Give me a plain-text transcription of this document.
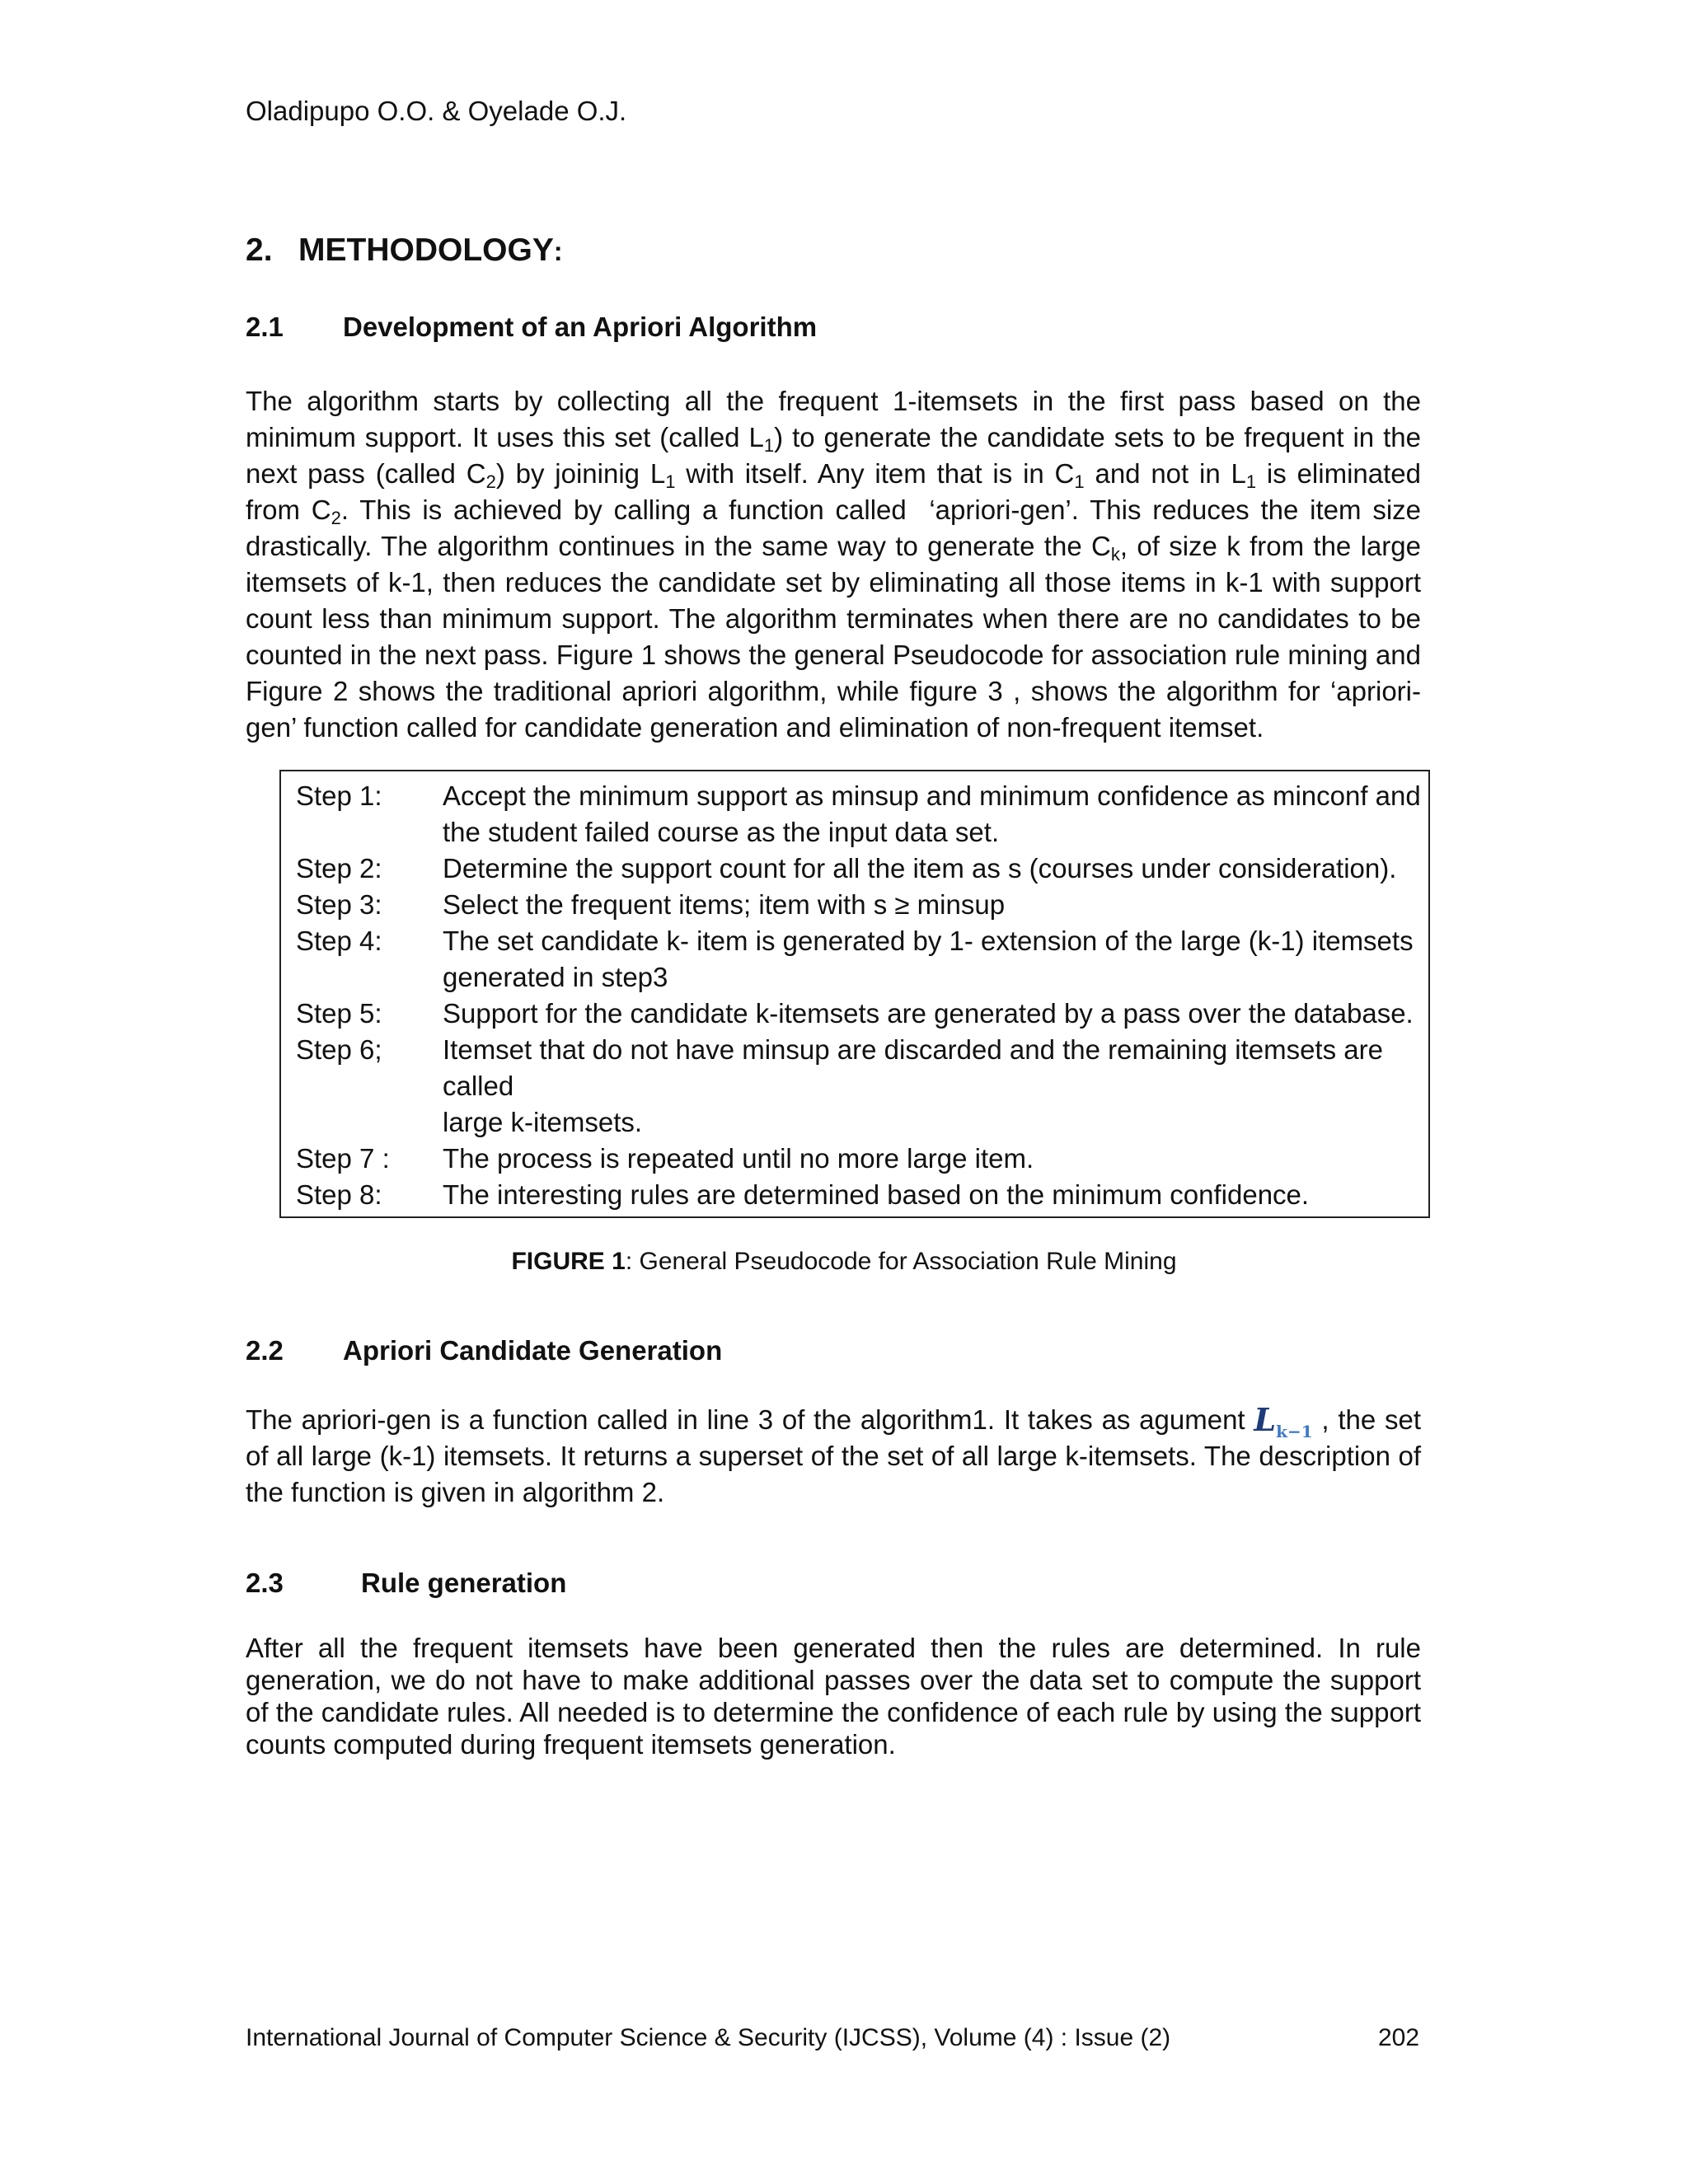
Oladipupo O.O. & Oyelade O.J.
2. METHODOLOGY:
2.1 Development of an Apriori Algorithm

The algorithm starts by collecting all the frequent 1-itemsets in the first pass based on the minimum support. It uses this set (called $L_1$) to generate the candidate sets to be frequent in the next pass (called $C_2$) by joininig $L_1$ with itself. Any item that is in $C_1$ and not in $L_1$ is eliminated from $C_2$. This is achieved by calling a function called  ‘apriori-gen’. This reduces the item size drastically. The algorithm continues in the same way to generate the $C_k$, of size k from the large itemsets of k-1, then reduces the candidate set by eliminating all those items in k-1 with support count less than minimum support. The algorithm terminates when there are no candidates to be counted in the next pass. Figure 1 shows the general Pseudocode for association rule mining and Figure 2 shows the traditional apriori algorithm, while figure 3 , shows the algorithm for ‘apriori-gen’ function called for candidate generation and elimination of non-frequent itemset.

Step 1:	Accept the minimum support as minsup and minimum confidence as minconf and the student failed course as the input data set.
Step 2:	Determine the support count for all the item as s (courses under consideration).
Step 3:	Select the frequent items; item with s ≥ minsup
Step 4:	The set candidate k- item is generated by 1- extension of the large (k-1) itemsets generated in step3
Step 5:	Support for the candidate k-itemsets are generated by a pass over the database.
Step 6;	Itemset that do not have minsup are discarded and the remaining itemsets are
called
large k-itemsets.
Step 7 :	The process is repeated until no more large item.
Step 8:	The interesting rules are determined based on the minimum confidence.
FIGURE 1: General Pseudocode for Association Rule Mining
2.2 Apriori Candidate Generation

The apriori-gen is a function called in line 3 of the algorithm1. It takes as agument $L_{k-1}$ , the set of all large (k-1) itemsets. It returns a superset of the set of all large k-itemsets. The description of the function is given in algorithm 2.

2.3	Rule generation

After all the frequent itemsets have been generated then the rules are determined. In rule generation, we do not have to make additional passes over the data set to compute the support of the candidate rules. All needed is to determine the confidence of each rule by using the support counts computed during frequent itemsets generation.

International Journal of Computer Science & Security (IJCSS), Volume (4) : Issue (2)	202
